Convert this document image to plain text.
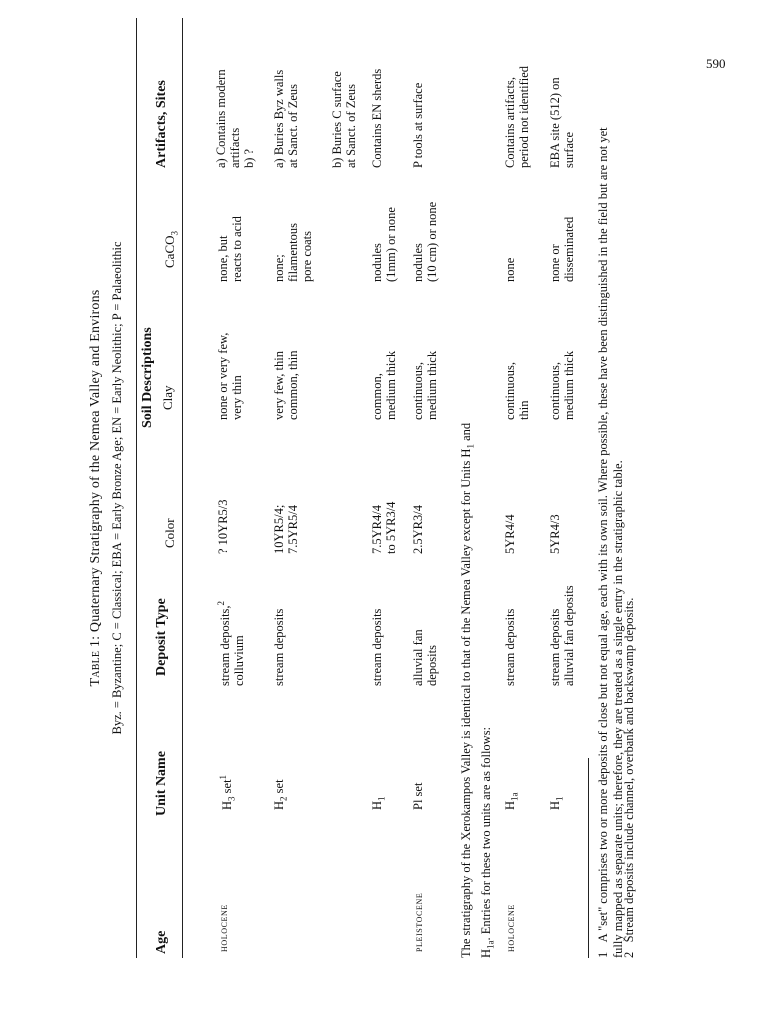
590
Table 1: Quaternary Stratigraphy of the Nemea Valley and Environs Byz. = Byzantine; C = Classical; EBA = Early Bronze Age; EN = Early Neolithic; P = Palaeolithic
Age
Unit Name
Deposit Type
Soil Descriptions
Color
Clay
CaCO$_3$
Artifacts, Sites
HOLOCENE
$H_3$ set$^1$
stream deposits,$^2$
colluvium
? 10YR5/3
none or very few,
very thin
none, but
reacts to acid
a) Contains modern
artifacts
b) ?
$H_2$ set
stream deposits
10YR5/4;
7.5YR5/4
very few, thin
common, thin
none;
filamentous
pore coats
a) Buries Byz walls
at Sanct. of Zeus b) Buries C surface
at Sanct. of Zeus
$H_1$
stream deposits
7.5YR4/4
to 5YR3/4
common,
medium thick
nodules
(1mm) or none
Contains EN sherds
PLEISTOCENE
Pl set
alluvial fan
deposits
2.5YR3/4
continuous,
medium thick
nodules
(10 cm) or none
P tools at surface
The stratigraphy of the Xerokampos Valley is identical to that of the Nemea Valley except for Units $H_1$ and
$H_{1a}$. Entries for these two units are as follows:	HOLOCENE
$H_{1a}$
stream deposits
5YR4/4
continuous,
thin
none
Contains artifacts,
period not identified
$H_1$
stream deposits
alluvial fan deposits
5YR4/3
continuous,
medium thick
none or
disseminated
EBA site (512) on
surface
1   A "set" comprises two or more deposits of close but not equal age, each with its own soil. Where possible, these have been distinguished in the field but are not yet
fully mapped as separate units; therefore, they are treated as a single entry in the stratigraphic table.
2   Stream deposits include channel, overbank and backswamp deposits.
